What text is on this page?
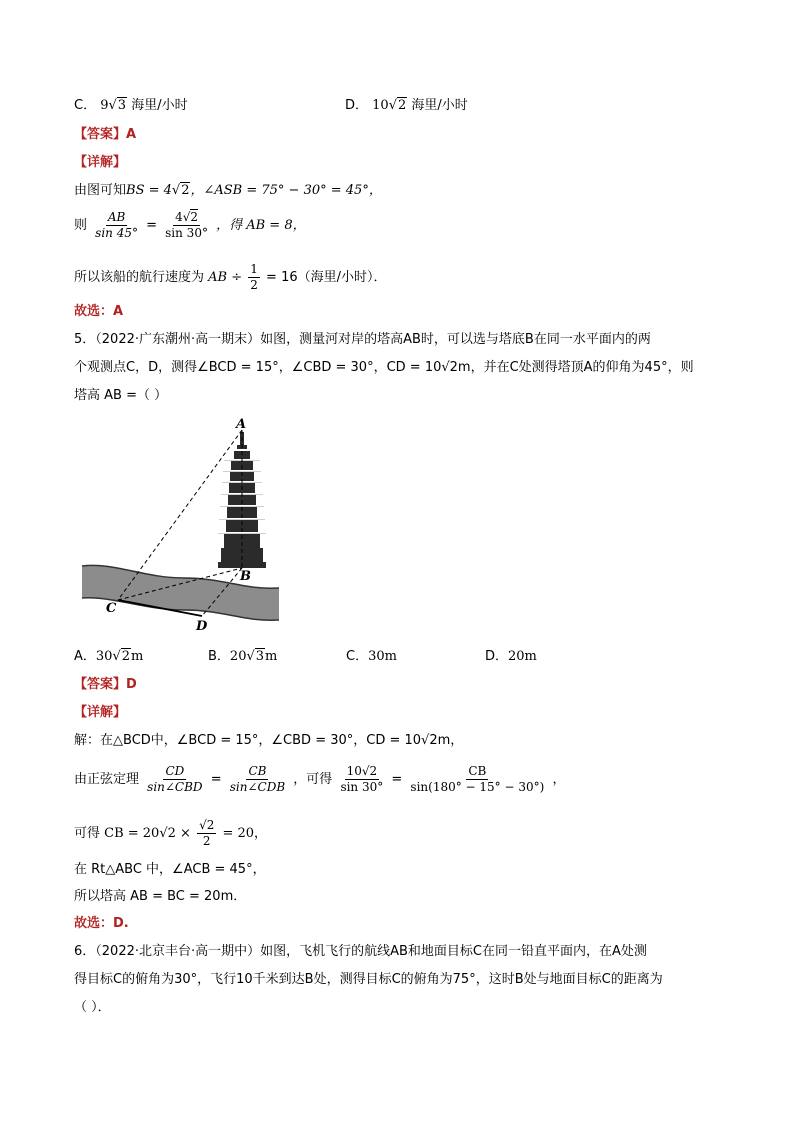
C． 9√3 海里/小时	D． 10√2 海里/小时
【答案】A
【详解】
由图可知BS = 4√2，∠ASB = 75° − 30° = 45°，
则 $\frac{AB}{\sin 45^\circ} = \frac{4√2}{\sin 30^\circ}$ ，得 AB = 8，
所以该船的航行速度为 AB ÷ $\frac{1}{2} = 16$（海里/小时）．
故选：A
5．（2022·广东潮州·高一期末）如图，测量河对岸的塔高AB时，可以选与塔底B在同一水平面内的两
个观测点C，D，测得∠BCD = 15°，∠CBD = 30°，CD = 10√2m，并在C处测得塔顶A的仰角为45°，则
塔高 AB =（ ）
A
B
C
D
A．30√2m	B．20√3m	C．30m	D．20m
【答案】D
【详解】
解：在△BCD中，∠BCD = 15°，∠CBD = 30°，CD = 10√2m，
由正弦定理 $\frac{CD}{\text{sin∠CBD}} = \frac{CB}{\text{sin∠CDB}}$ ，可得 $\frac{10√2}{\sin 30^\circ} = \frac{CB}{\sin(180^\circ - 15^\circ - 30^\circ)}$ ，
可得 CB = $20√2 \times \frac{√2}{2} = 20$，
在 Rt△ABC 中，∠ACB = 45°，
所以塔高 AB = BC = 20m．
故选：D.
6．（2022·北京丰台·高一期中）如图，飞机飞行的航线AB和地面目标C在同一铅直平面内，在A处测
得目标C的俯角为30°，飞行10千米到达B处，测得目标C的俯角为75°，这时B处与地面目标C的距离为
（ ）．
